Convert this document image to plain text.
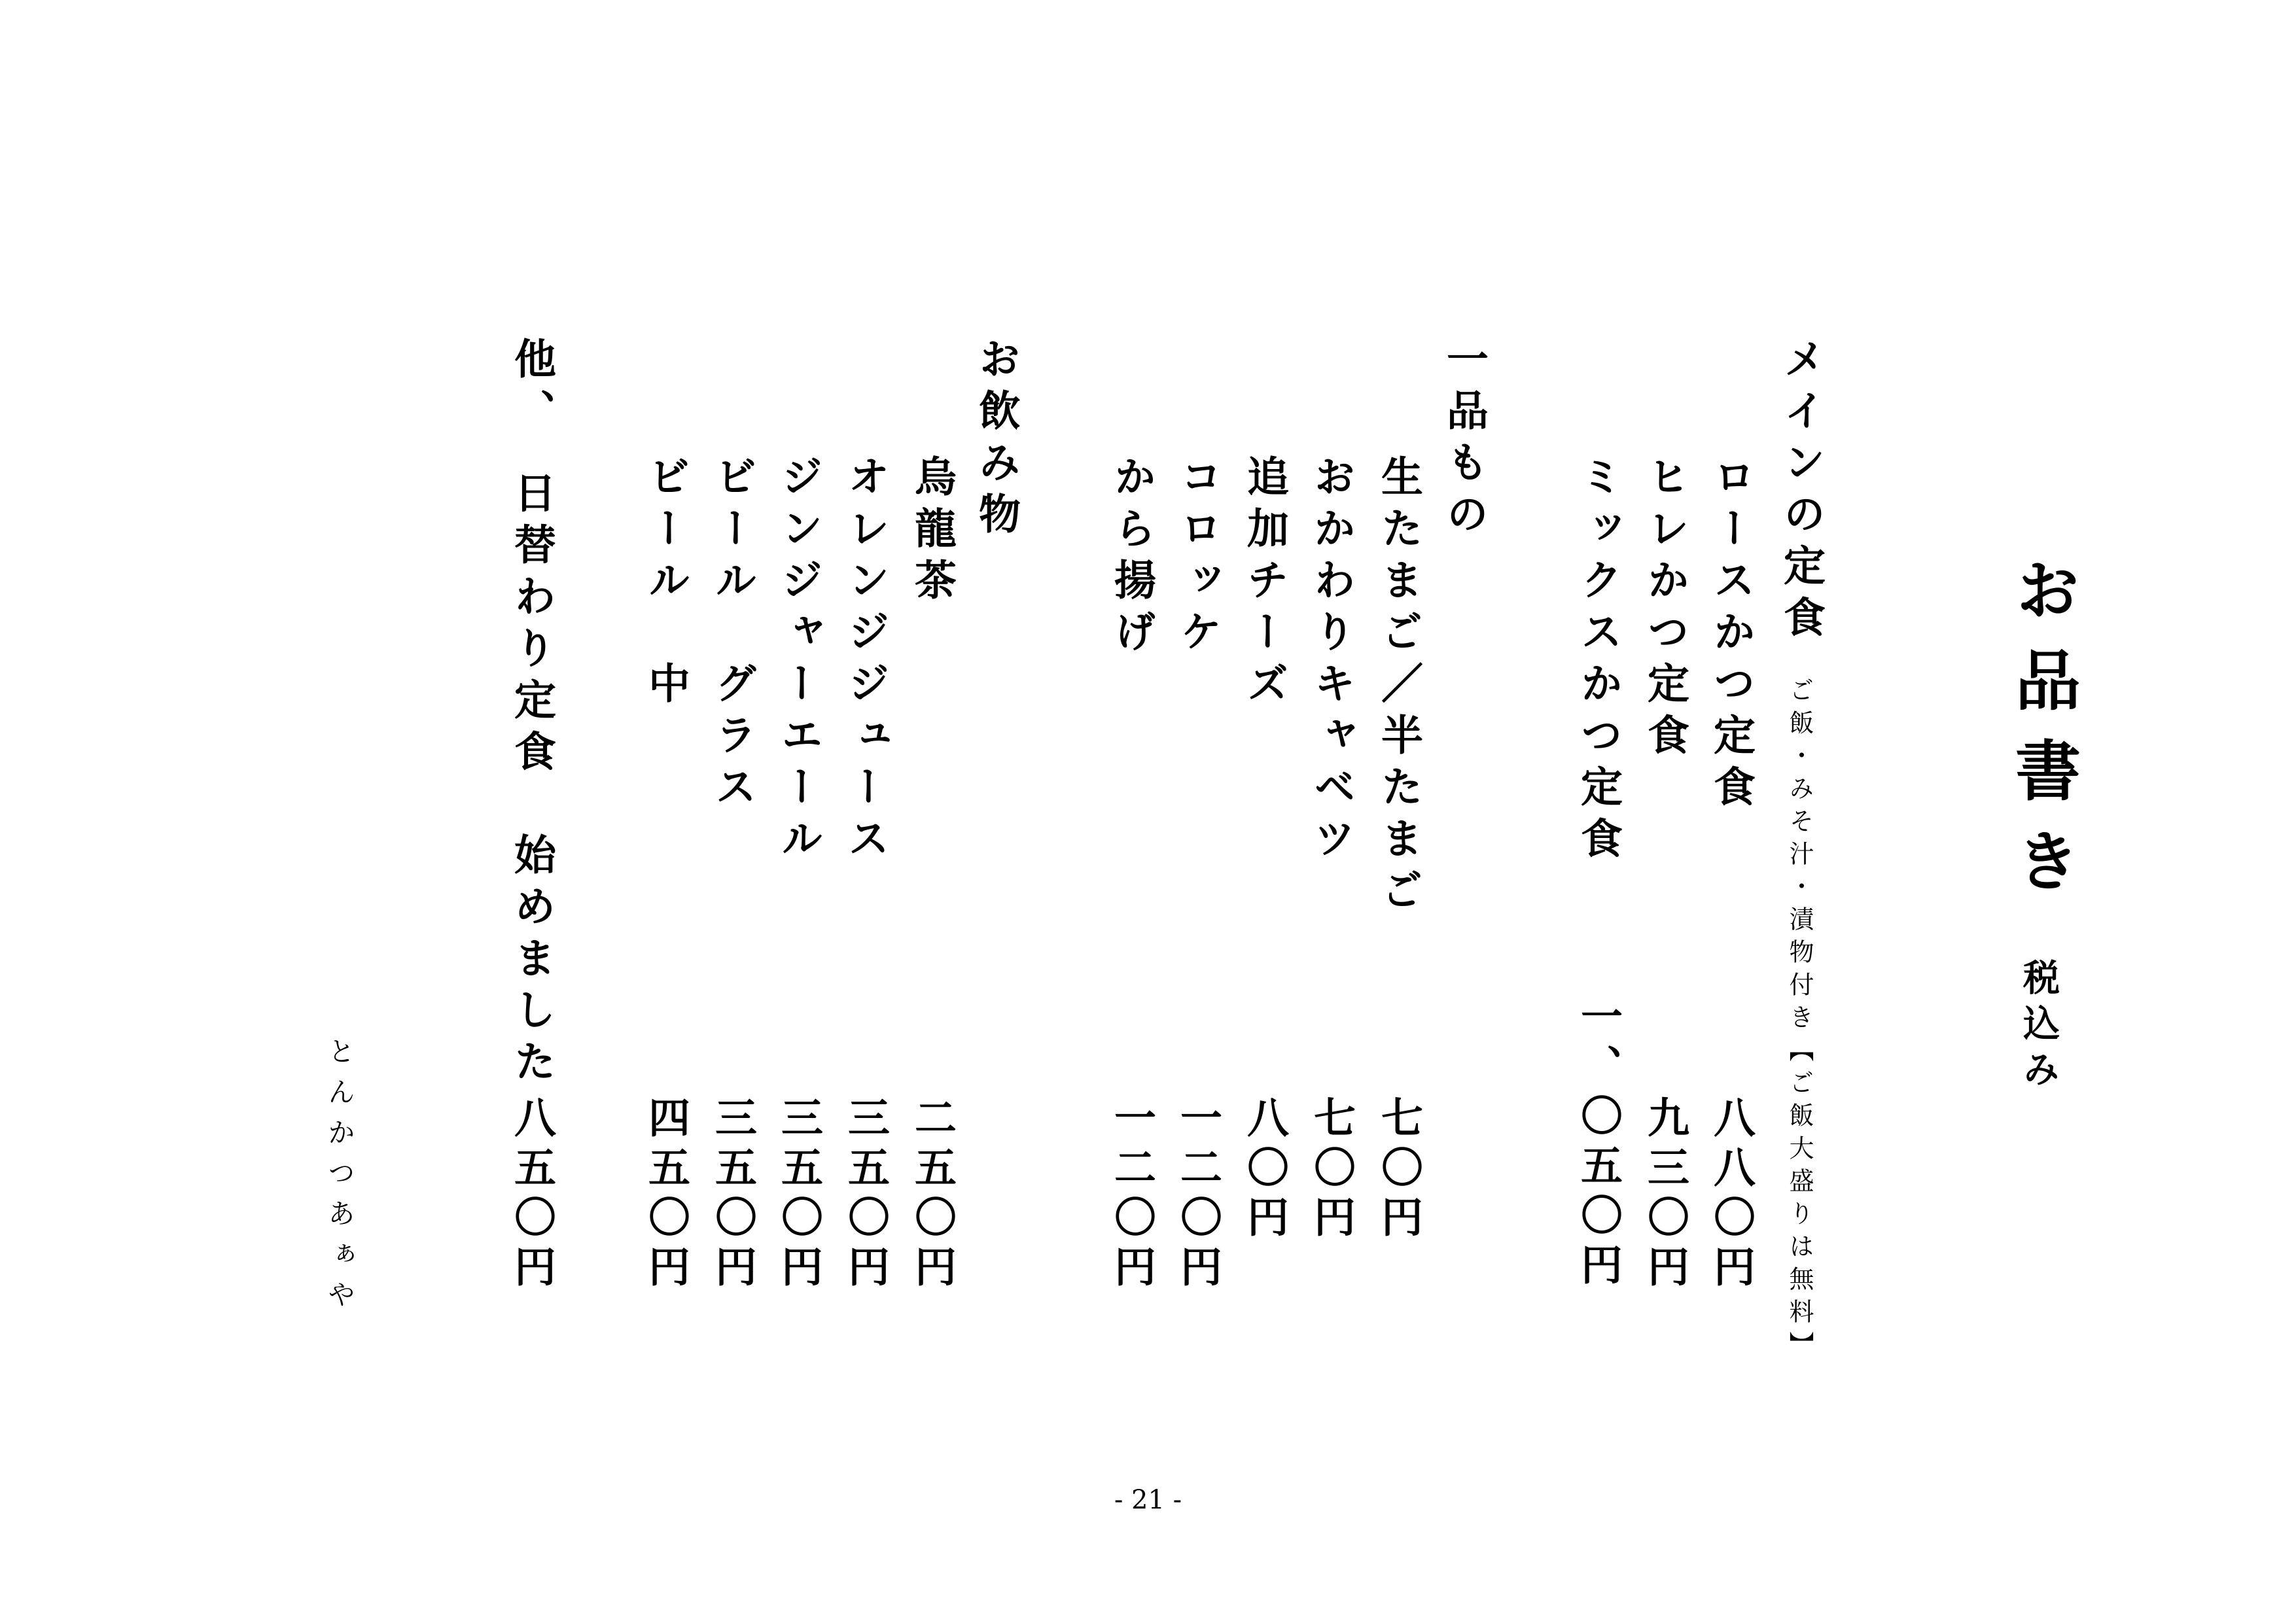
お品書き
税込み
メインの定食
ご飯・みそ汁・漬物付き【ご飯大盛りは無料】
ロースかつ定食
八八〇円
ヒレかつ定食
九三〇円
ミックスかつ定食
一、〇五〇円
一品もの
生たまご／半たまご
七〇円
おかわりキャベツ
七〇円
追加チーズ
八〇円
コロッケ
一二〇円
から揚げ
一二〇円
お飲み物
烏龍茶
二五〇円
オレンジジュース
三五〇円
ジンジャーエール
三五〇円
ビール　グラス
三五〇円
ビール　中
四五〇円
他、　日替わり定食　始めました
八五〇円
とんかつあぁや
- 21 -
